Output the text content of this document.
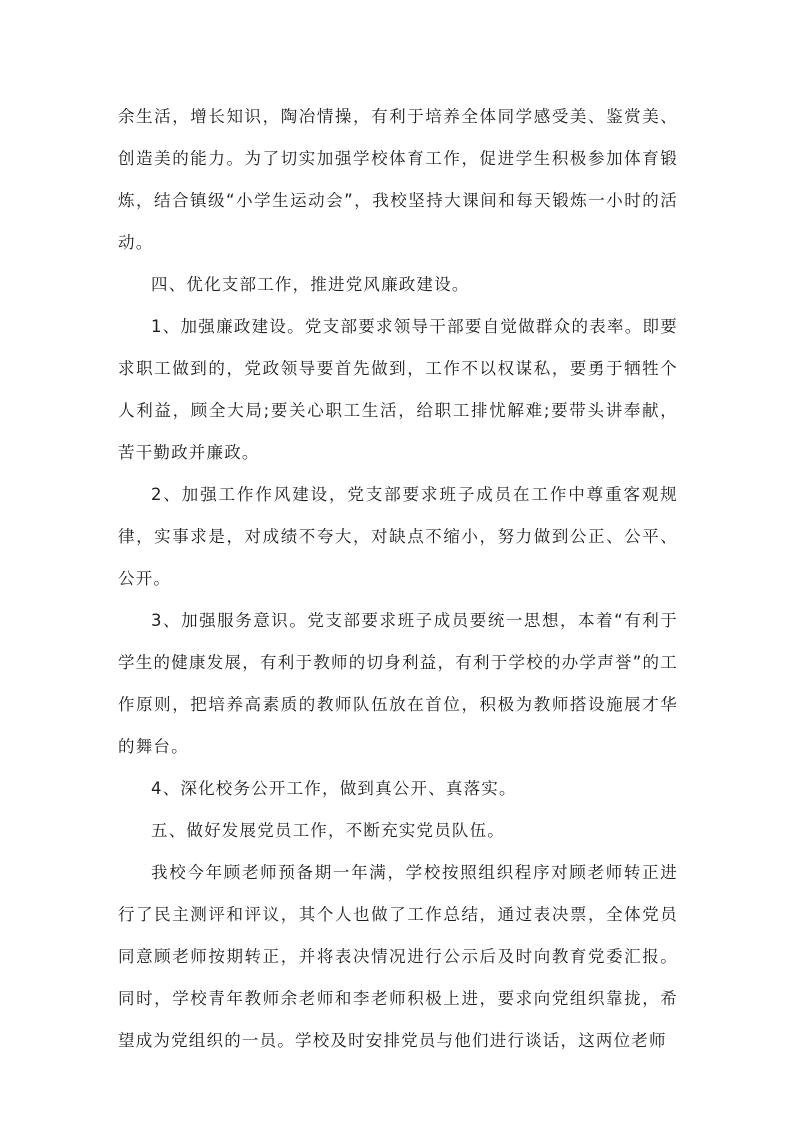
余生活，增长知识，陶冶情操，有利于培养全体同学感受美、鉴赏美、创造美的能力。为了切实加强学校体育工作，促进学生积极参加体育锻炼，结合镇级“小学生运动会”，我校坚持大课间和每天锻炼一小时的活动。

四、优化支部工作，推进党风廉政建设。

1、加强廉政建设。党支部要求领导干部要自觉做群众的表率。即要求职工做到的，党政领导要首先做到，工作不以权谋私，要勇于牺牲个人利益，顾全大局;要关心职工生活，给职工排忧解难;要带头讲奉献，苦干勤政并廉政。

2、加强工作作风建设，党支部要求班子成员在工作中尊重客观规律，实事求是，对成绩不夸大，对缺点不缩小，努力做到公正、公平、公开。

3、加强服务意识。党支部要求班子成员要统一思想，本着“有利于学生的健康发展，有利于教师的切身利益，有利于学校的办学声誉”的工作原则，把培养高素质的教师队伍放在首位，积极为教师搭设施展才华的舞台。

4、深化校务公开工作，做到真公开、真落实。

五、做好发展党员工作，不断充实党员队伍。

我校今年顾老师预备期一年满，学校按照组织程序对顾老师转正进行了民主测评和评议，其个人也做了工作总结，通过表决票，全体党员同意顾老师按期转正，并将表决情况进行公示后及时向教育党委汇报。同时，学校青年教师余老师和李老师积极上进，要求向党组织靠拢，希望成为党组织的一员。学校及时安排党员与他们进行谈话，这两位老师
